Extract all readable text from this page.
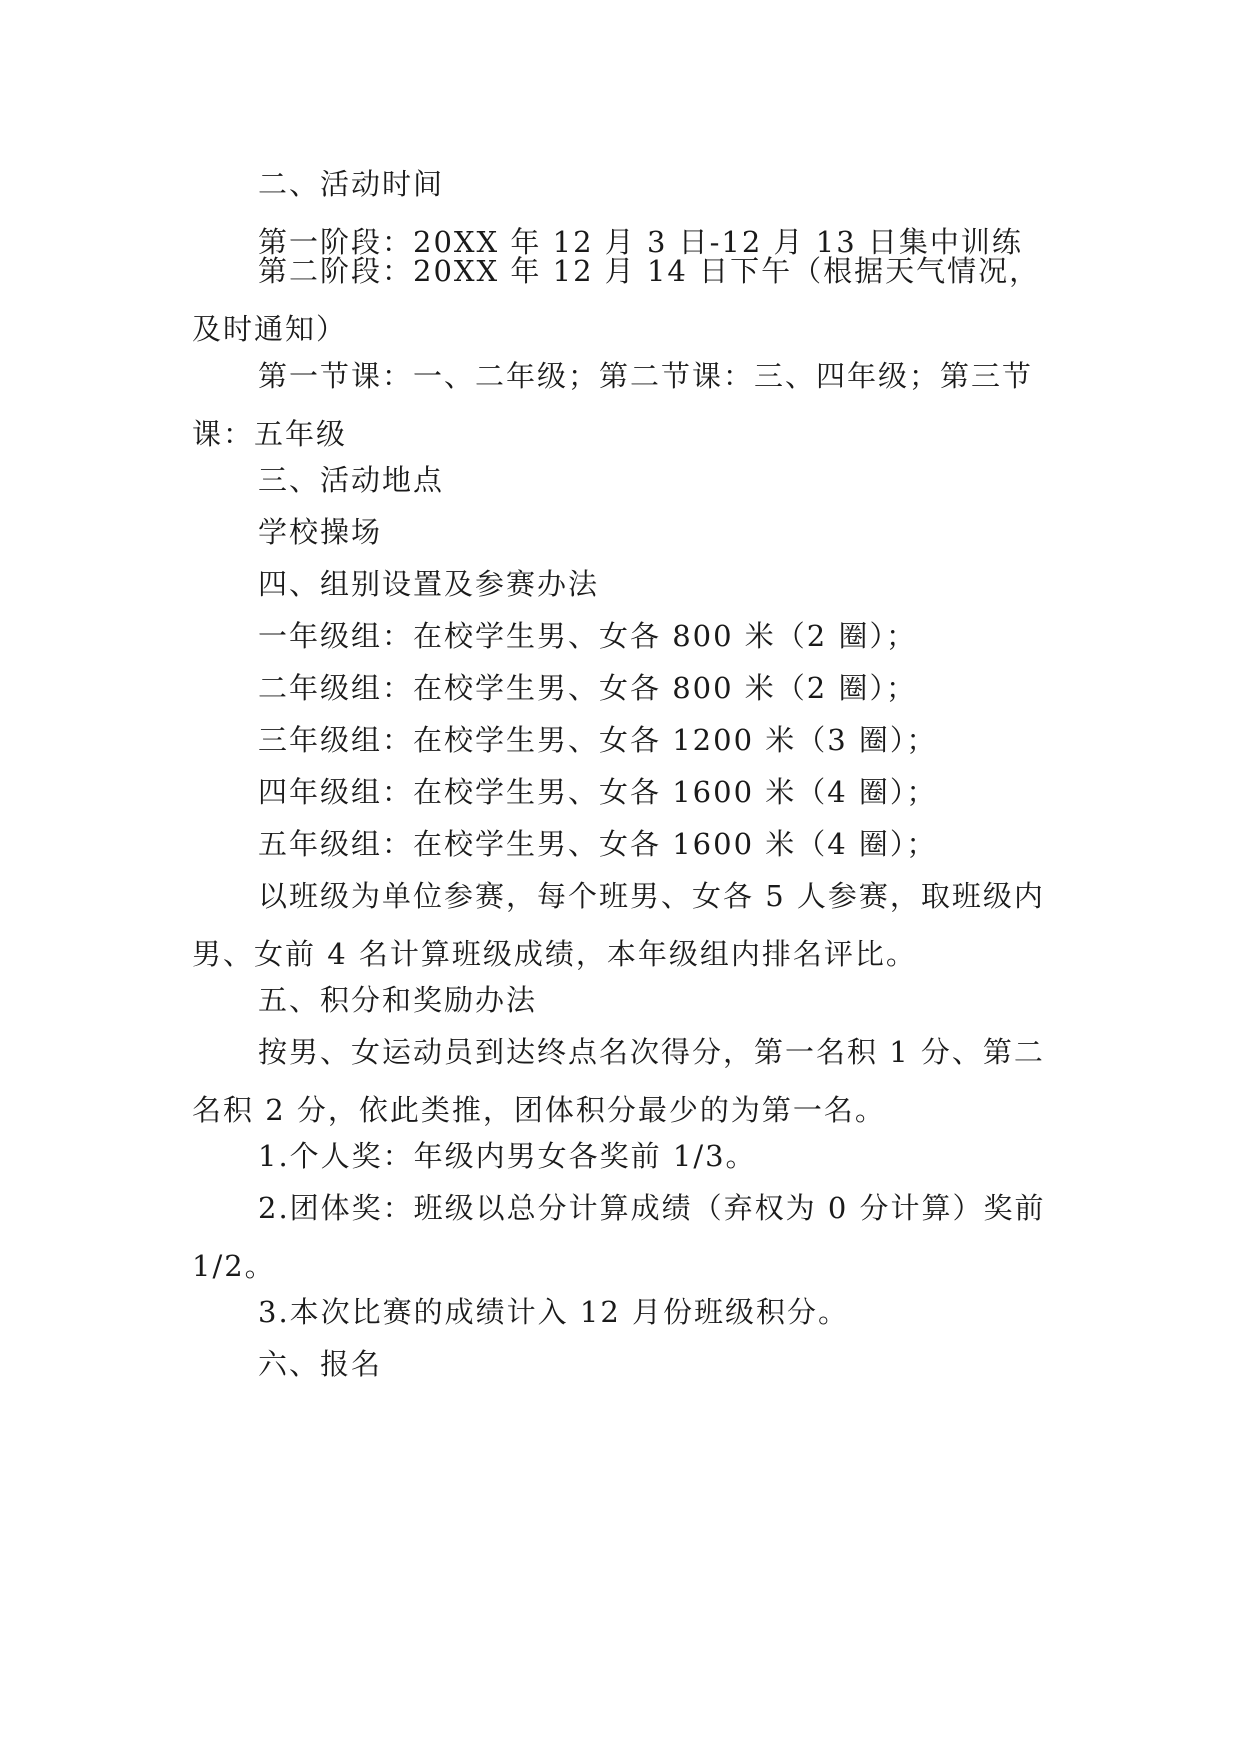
二、活动时间

第一阶段：20XX 年 12 月 3 日-12 月 13 日集中训练

第二阶段：20XX 年 12 月 14 日下午（根据天气情况，及时通知）

第一节课：一、二年级；第二节课：三、四年级；第三节课：五年级

三、活动地点

学校操场

四、组别设置及参赛办法

一年级组：在校学生男、女各 800 米（2 圈）；

二年级组：在校学生男、女各 800 米（2 圈）；

三年级组：在校学生男、女各 1200 米（3 圈）；

四年级组：在校学生男、女各 1600 米（4 圈）；

五年级组：在校学生男、女各 1600 米（4 圈）；

以班级为单位参赛，每个班男、女各 5 人参赛，取班级内男、女前 4 名计算班级成绩，本年级组内排名评比。

五、积分和奖励办法

按男、女运动员到达终点名次得分，第一名积 1 分、第二名积 2 分，依此类推，团体积分最少的为第一名。

1.个人奖：年级内男女各奖前 1/3。

2.团体奖：班级以总分计算成绩（弃权为 0 分计算）奖前 1/2。

3.本次比赛的成绩计入 12 月份班级积分。

六、报名
